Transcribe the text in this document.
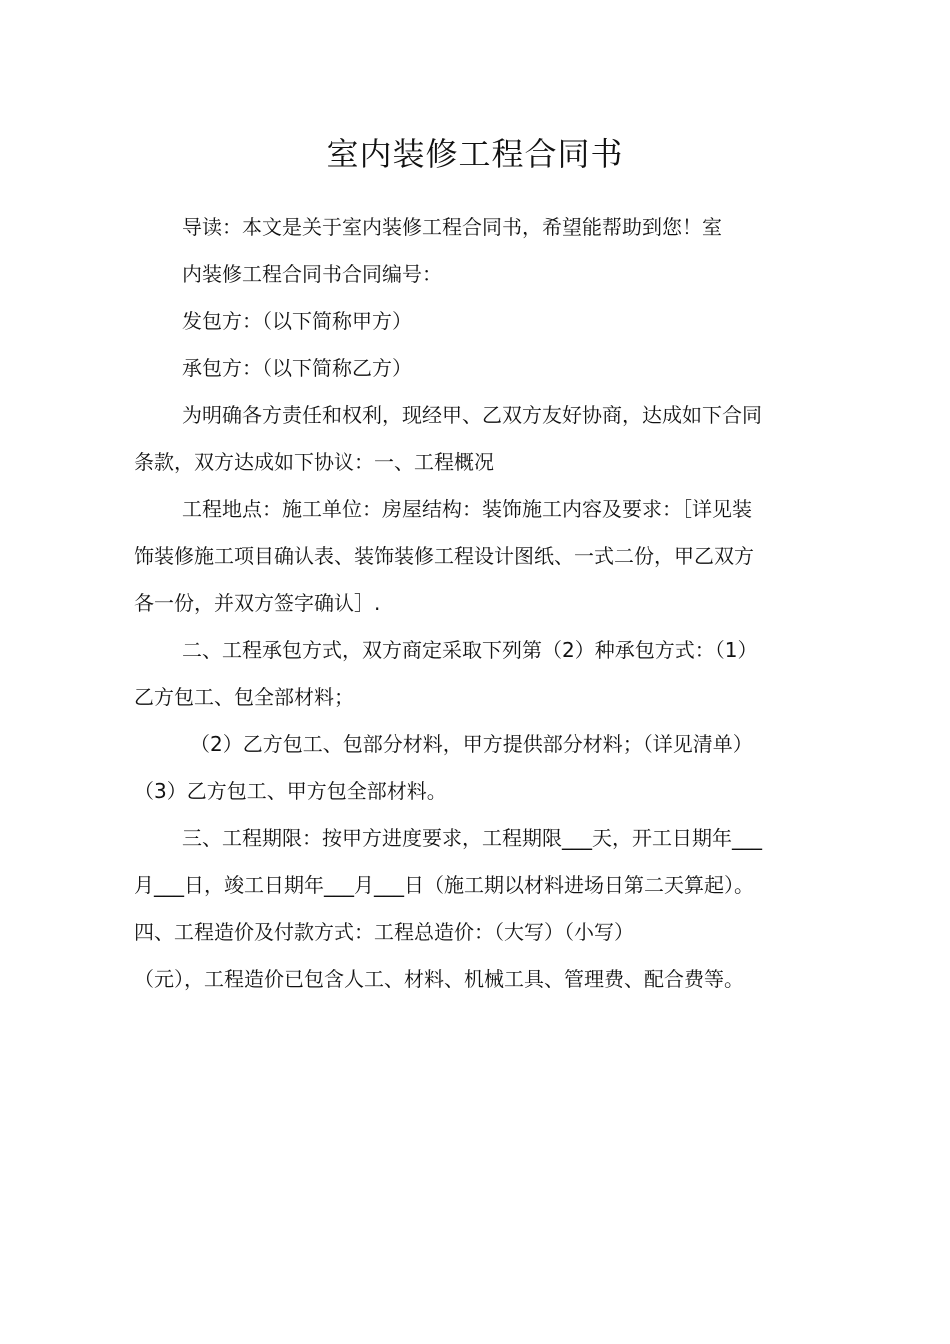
室内装修工程合同书
导读：本文是关于室内装修工程合同书，希望能帮助到您！室
内装修工程合同书合同编号：
发包方：（以下简称甲方）
承包方：（以下简称乙方）
为明确各方责任和权利，现经甲、乙双方友好协商，达成如下合同
条款，双方达成如下协议：一、工程概况
工程地点：施工单位：房屋结构：装饰施工内容及要求：［详见装
饰装修施工项目确认表、装饰装修工程设计图纸、一式二份，甲乙双方
各一份，并双方签字确认］.
二、工程承包方式，双方商定采取下列第（2）种承包方式：（1）
乙方包工、包全部材料；
（2）乙方包工、包部分材料，甲方提供部分材料；（详见清单）
（3）乙方包工、甲方包全部材料。
三、工程期限：按甲方进度要求，工程期限___天，开工日期年___
月___日，竣工日期年___月___日（施工期以材料进场日第二天算起）。
四、工程造价及付款方式：工程总造价：（大写）（小写）
（元），工程造价已包含人工、材料、机械工具、管理费、配合费等。
